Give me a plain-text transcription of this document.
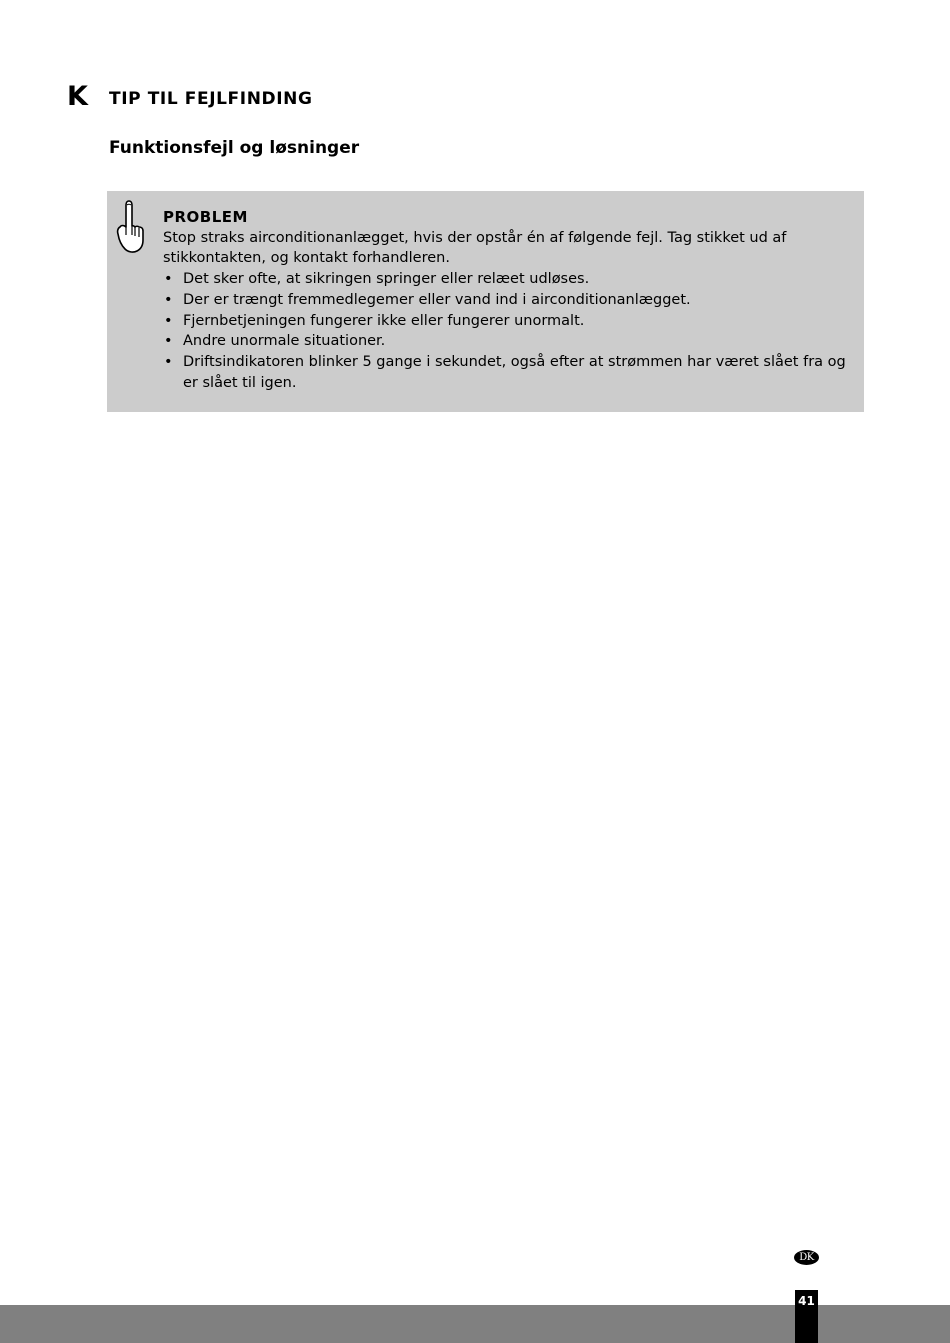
K TIP TIL FEJLFINDING
Funktionsfejl og løsninger
PROBLEM
Stop straks airconditionanlægget, hvis der opstår én af følgende fejl. Tag stikket ud af stikkontakten, og kontakt forhandleren.
• Det sker ofte, at sikringen springer eller relæet udløses.
• Der er trængt fremmedlegemer eller vand ind i airconditionanlægget.
• Fjernbetjeningen fungerer ikke eller fungerer unormalt.
• Andre unormale situationer.
• Driftsindikatoren blinker 5 gange i sekundet, også efter at strømmen har været slået fra og er slået til igen.
DK
41
